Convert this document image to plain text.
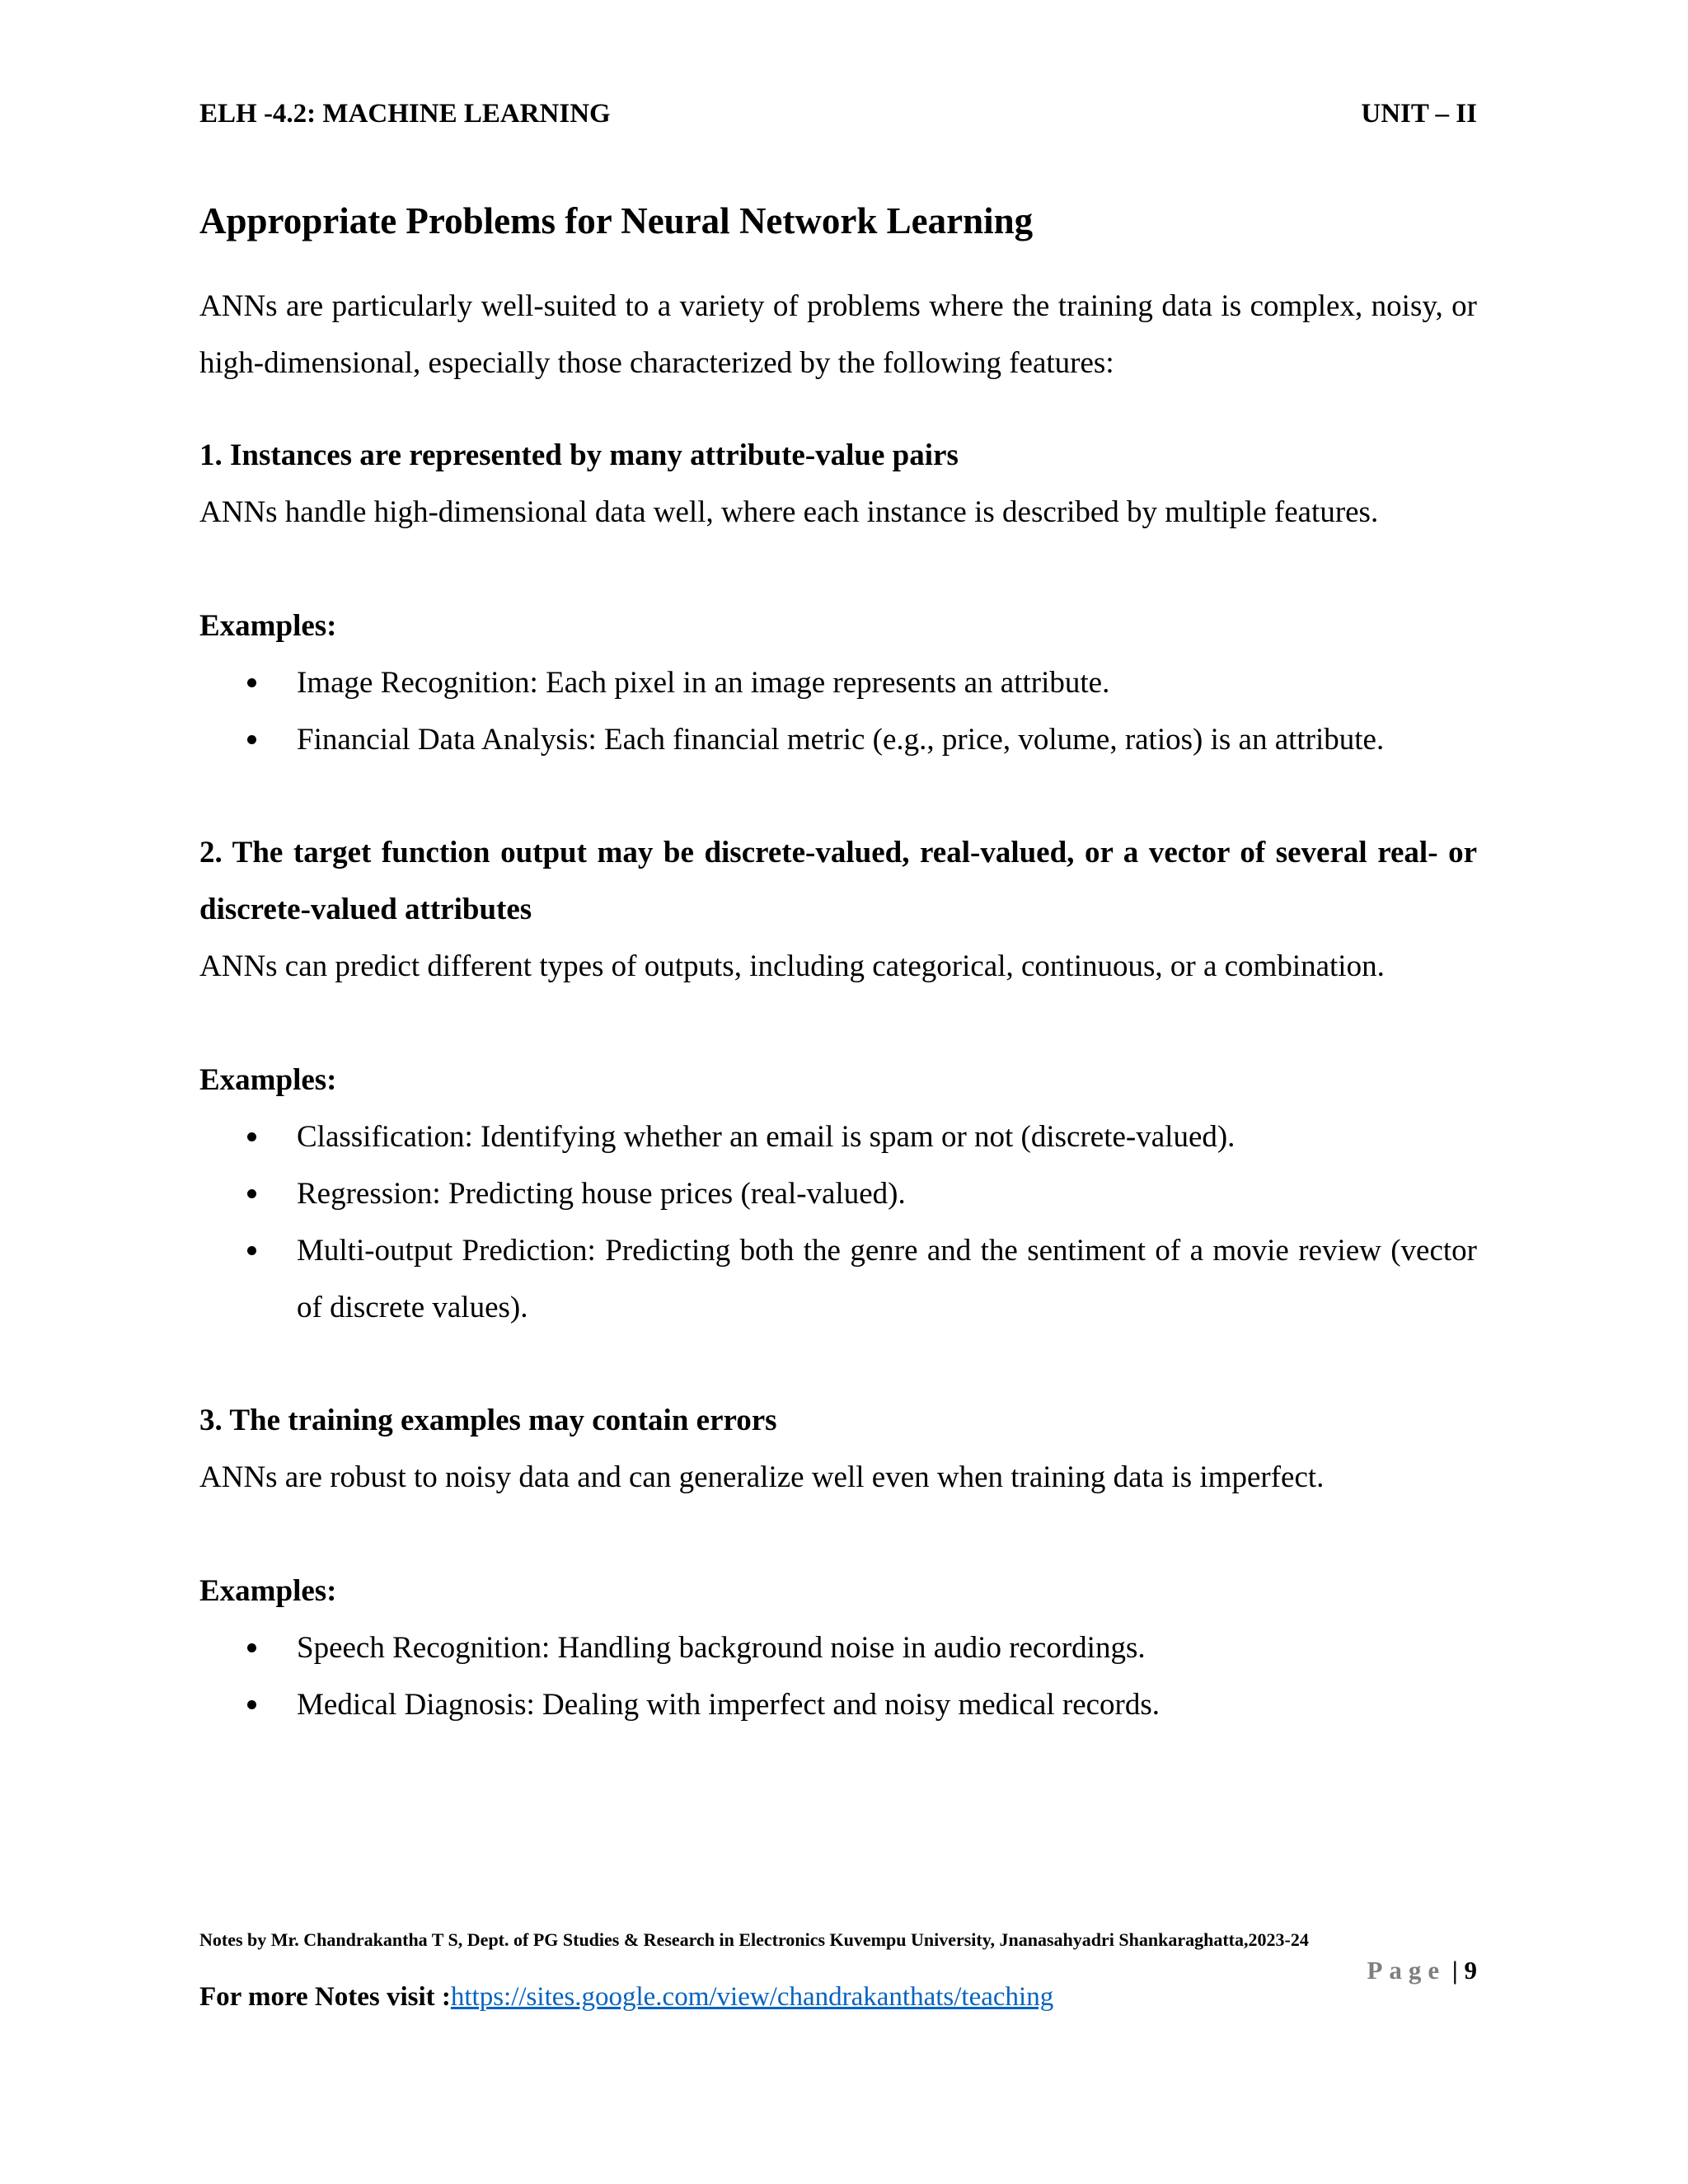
ELH -4.2: MACHINE LEARNING	UNIT – II
Appropriate Problems for Neural Network Learning
ANNs are particularly well-suited to a variety of problems where the training data is complex, noisy, or high-dimensional, especially those characterized by the following features:
1. Instances are represented by many attribute-value pairs
ANNs handle high-dimensional data well, where each instance is described by multiple features.
Examples:
Image Recognition: Each pixel in an image represents an attribute.
Financial Data Analysis: Each financial metric (e.g., price, volume, ratios) is an attribute.
2. The target function output may be discrete-valued, real-valued, or a vector of several real- or discrete-valued attributes
ANNs can predict different types of outputs, including categorical, continuous, or a combination.
Examples:
Classification: Identifying whether an email is spam or not (discrete-valued).
Regression: Predicting house prices (real-valued).
Multi-output Prediction: Predicting both the genre and the sentiment of a movie review (vector of discrete values).
3. The training examples may contain errors
ANNs are robust to noisy data and can generalize well even when training data is imperfect.
Examples:
Speech Recognition: Handling background noise in audio recordings.
Medical Diagnosis: Dealing with imperfect and noisy medical records.
Notes by Mr. Chandrakantha T S, Dept. of PG Studies & Research in Electronics Kuvempu University, Jnanasahyadri Shankaraghatta,2023-24
Page | 9
For more Notes visit :https://sites.google.com/view/chandrakanthats/teaching
